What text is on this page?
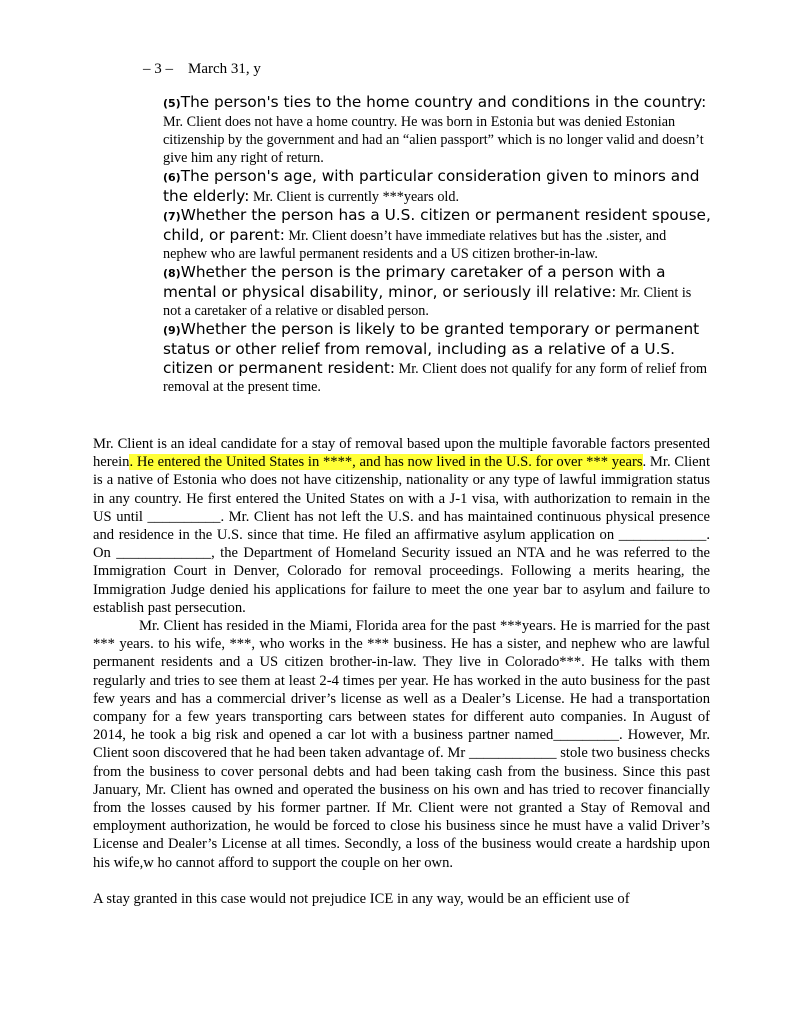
– 3 – March 31, y

(5)The person's ties to the home country and conditions in the country: Mr. Client does not have a home country. He was born in Estonia but was denied Estonian citizenship by the government and had an “alien passport” which is no longer valid and doesn’t give him any right of return.

(6)The person's age, with particular consideration given to minors and the elderly: Mr. Client is currently ***years old.

(7)Whether the person has a U.S. citizen or permanent resident spouse, child, or parent: Mr. Client doesn’t have immediate relatives but has the .sister, and nephew who are lawful permanent residents and a US citizen brother-in-law.

(8)Whether the person is the primary caretaker of a person with a mental or physical disability, minor, or seriously ill relative: Mr. Client is not a caretaker of a relative or disabled person.

(9)Whether the person is likely to be granted temporary or permanent status or other relief from removal, including as a relative of a U.S. citizen or permanent resident: Mr. Client does not qualify for any form of relief from removal at the present time.

Mr. Client is an ideal candidate for a stay of removal based upon the multiple favorable factors presented herein. He entered the United States in ****, and has now lived in the U.S. for over *** years. Mr. Client is a native of Estonia who does not have citizenship, nationality or any type of lawful immigration status in any country. He first entered the United States on with a J-1 visa, with authorization to remain in the US until __________. Mr. Client has not left the U.S. and has maintained continuous physical presence and residence in the U.S. since that time. He filed an affirmative asylum application on ____________. On _____________, the Department of Homeland Security issued an NTA and he was referred to the Immigration Court in Denver, Colorado for removal proceedings. Following a merits hearing, the Immigration Judge denied his applications for failure to meet the one year bar to asylum and failure to establish past persecution.

Mr. Client has resided in the Miami, Florida area for the past ***years. He is married for the past *** years. to his wife, ***, who works in the *** business. He has a sister, and nephew who are lawful permanent residents and a US citizen brother-in-law. They live in Colorado***. He talks with them regularly and tries to see them at least 2-4 times per year. He has worked in the auto business for the past few years and has a commercial driver’s license as well as a Dealer’s License. He had a transportation company for a few years transporting cars between states for different auto companies. In August of 2014, he took a big risk and opened a car lot with a business partner named_________. However, Mr. Client soon discovered that he had been taken advantage of. Mr ____________ stole two business checks from the business to cover personal debts and had been taking cash from the business. Since this past January, Mr. Client has owned and operated the business on his own and has tried to recover financially from the losses caused by his former partner. If Mr. Client were not granted a Stay of Removal and employment authorization, he would be forced to close his business since he must have a valid Driver’s License and Dealer’s License at all times. Secondly, a loss of the business would create a hardship upon his wife,w ho cannot afford to support the couple on her own.

A stay granted in this case would not prejudice ICE in any way, would be an efficient use of
